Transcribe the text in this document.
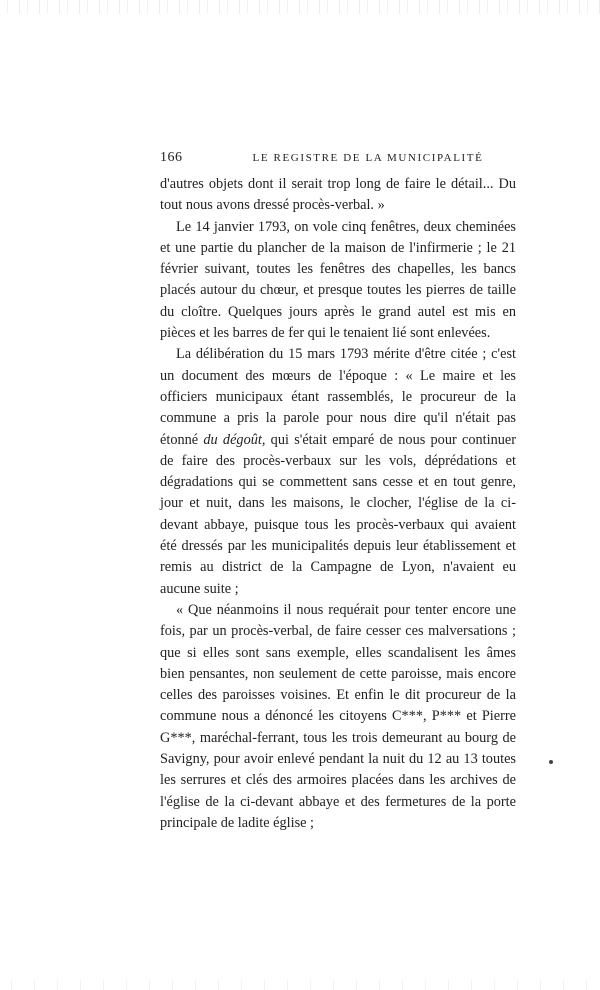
166	LE REGISTRE DE LA MUNICIPALITÉ

d'autres objets dont il serait trop long de faire le détail... Du tout nous avons dressé procès-verbal. »

Le 14 janvier 1793, on vole cinq fenêtres, deux cheminées et une partie du plancher de la maison de l'infirmerie ; le 21 février suivant, toutes les fenêtres des chapelles, les bancs placés autour du chœur, et presque toutes les pierres de taille du cloître. Quelques jours après le grand autel est mis en pièces et les barres de fer qui le tenaient lié sont enlevées.

La délibération du 15 mars 1793 mérite d'être citée ; c'est un document des mœurs de l'époque : « Le maire et les officiers municipaux étant rassemblés, le procureur de la commune a pris la parole pour nous dire qu'il n'était pas étonné du dégoût, qui s'était emparé de nous pour continuer de faire des procès-verbaux sur les vols, déprédations et dégradations qui se commettent sans cesse et en tout genre, jour et nuit, dans les maisons, le clocher, l'église de la ci-devant abbaye, puisque tous les procès-verbaux qui avaient été dressés par les municipalités depuis leur établissement et remis au district de la Campagne de Lyon, n'avaient eu aucune suite ;

« Que néanmoins il nous requérait pour tenter encore une fois, par un procès-verbal, de faire cesser ces malversations ; que si elles sont sans exemple, elles scandalisent les âmes bien pensantes, non seulement de cette paroisse, mais encore celles des paroisses voisines. Et enfin le dit procureur de la commune nous a dénoncé les citoyens C***, P*** et Pierre G***, maréchal-ferrant, tous les trois demeurant au bourg de Savigny, pour avoir enlevé pendant la nuit du 12 au 13 toutes les serrures et clés des armoires placées dans les archives de l'église de la ci-devant abbaye et des fermetures de la porte principale de ladite église ;
